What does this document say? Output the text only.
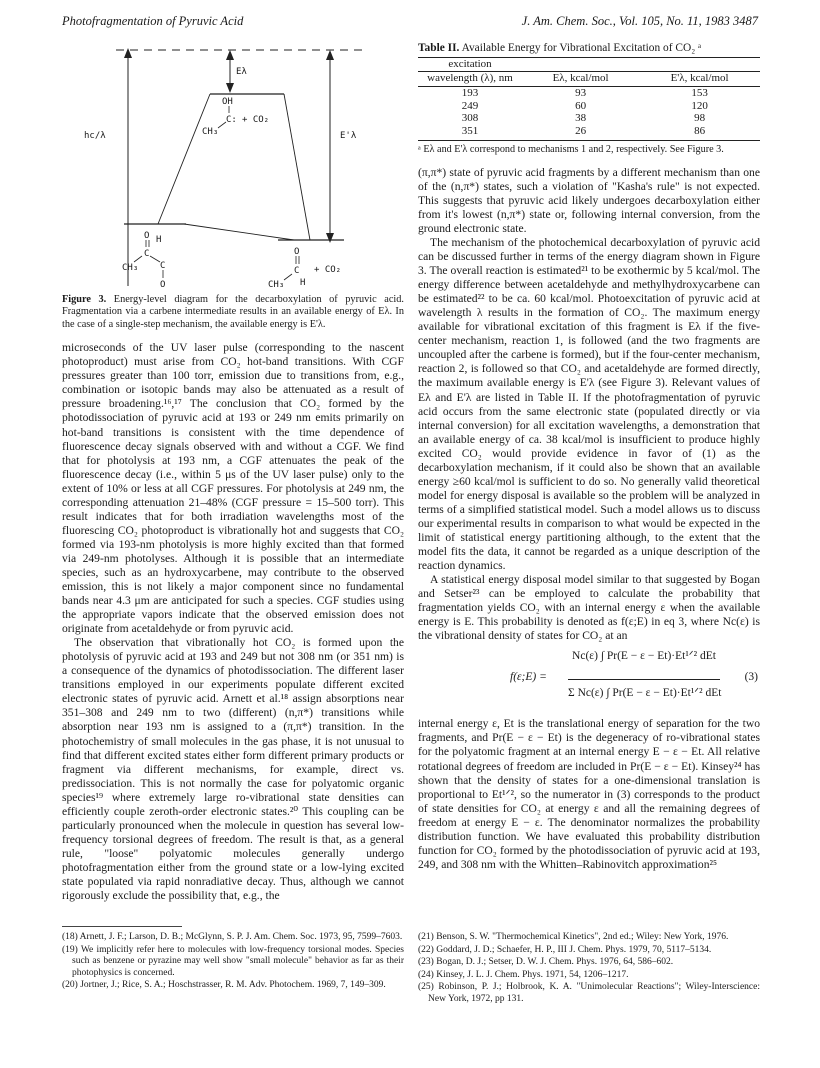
Photofragmentation of Pyruvic Acid	J. Am. Chem. Soc., Vol. 105, No. 11, 1983 3487
hc/λ
Eλ
E'λ
OH
C: + CO₂
CH₃
O H
C
C
CH₃
O
O
C + CO₂
CH₃ H
Figure 3. Energy-level diagram for the decarboxylation of pyruvic acid. Fragmentation via a carbene intermediate results in an available energy of Eλ. In the case of a single-step mechanism, the available energy is E'λ.

microseconds of the UV laser pulse (corresponding to the nascent photoproduct) must arise from CO₂ hot-band transitions. With CGF pressures greater than 100 torr, emission due to transitions from, e.g., combination or isotopic bands may also be attenuated as a result of pressure broadening.¹⁶,¹⁷ The conclusion that CO₂ formed by the photodissociation of pyruvic acid at 193 or 249 nm emits primarily on hot-band transitions is consistent with the time dependence of fluorescence decay signals observed with and without a CGF. We find that for photolysis at 193 nm, a CGF attenuates the peak of the fluorescence decay (i.e., within 5 μs of the UV laser pulse) only to the extent of 10% or less at all CGF pressures. For photolysis at 249 nm, the corresponding attenuation 21–48% (CGF pressure = 15–500 torr). This result indicates that for both irradiation wavelengths most of the fluorescing CO₂ photoproduct is vibrationally hot and suggests that CO₂ formed via 193-nm photolysis is more highly excited than that formed via 249-nm photolyses. Although it is possible that an intermediate species, such as an hydroxycarbene, may contribute to the observed emission, this is not likely a major component since no fundamental bands near 4.3 μm are anticipated for such a species. CGF studies using the appropriate vapors indicate that the observed emission does not originate from acetaldehyde or from pyruvic acid.

The observation that vibrationally hot CO₂ is formed upon the photolysis of pyruvic acid at 193 and 249 but not 308 nm (or 351 nm) is a consequence of the dynamics of photodissociation. The different laser transitions employed in our experiments populate different excited electronic states of pyruvic acid. Arnett et al.¹⁸ assign absorptions near 351–308 and 249 nm to two (different) (n,π*) transitions while absorption near 193 nm is assigned to a (π,π*) transition. In the photochemistry of small molecules in the gas phase, it is not unusual to find that different excited states either form different primary products or fragment via different mechanisms, for example, direct vs. predissociation. This is not normally the case for polyatomic organic species¹⁹ where extremely large ro-vibrational state densities can efficiently couple zeroth-order electronic states.²⁰ This coupling can be particularly pronounced when the molecule in question has several low-frequency torsional degrees of freedom. The result is that, as a general rule, "loose" polyatomic molecules generally undergo photofragmentation either from the ground state or a low-lying excited state populated via rapid nonradiative decay. Thus, although we cannot rigorously exclude the possibility that, e.g., the

Table II. Available Energy for Vibrational Excitation of CO₂ ᵃ
excitation		
wavelength (λ), nm	Eλ, kcal/mol	E'λ, kcal/mol
193	93	153
249	60	120
308	38	98
351	26	86
ᵃ Eλ and E'λ correspond to mechanisms 1 and 2, respectively. See Figure 3.

(π,π*) state of pyruvic acid fragments by a different mechanism than one of the (n,π*) states, such a violation of "Kasha's rule" is not expected. This suggests that pyruvic acid likely undergoes decarboxylation either from it's lowest (n,π*) state or, following internal conversion, from the ground electronic state.

The mechanism of the photochemical decarboxylation of pyruvic acid can be discussed further in terms of the energy diagram shown in Figure 3. The overall reaction is estimated²¹ to be exothermic by 5 kcal/mol. The energy difference between acetaldehyde and methylhydroxycarbene can be estimated²² to be ca. 60 kcal/mol. Photoexcitation of pyruvic acid at wavelength λ results in the formation of CO₂. The maximum energy available for vibrational excitation of this fragment is Eλ if the five-center mechanism, reaction 1, is followed (and the two fragments are uncoupled after the carbene is formed), but if the four-center mechanism, reaction 2, is followed so that CO₂ and acetaldehyde are formed directly, the maximum available energy is E'λ (see Figure 3). Relevant values of Eλ and E'λ are listed in Table II. If the photofragmentation of pyruvic acid occurs from the same electronic state (populated directly or via internal conversion) for all excitation wavelengths, a demonstration that an available energy of ca. 38 kcal/mol is insufficient to produce highly excited CO₂ would provide evidence in favor of (1) as the decarboxylation mechanism, if it could also be shown that an available energy ≥60 kcal/mol is sufficient to do so. No generally valid theoretical model for energy disposal is available so the problem will be analyzed in terms of a simplified statistical model. Such a model allows us to discuss our experimental results in comparison to what would be expected in the limit of statistical energy partitioning although, to the extent that the model fits the data, it cannot be regarded as a unique description of the reaction dynamics.

A statistical energy disposal model similar to that suggested by Bogan and Setser²³ can be employed to calculate the probability that fragmentation yields CO₂ with an internal energy ε when the available energy is E. This probability is denoted as f(ε;E) in eq 3, where Nc(ε) is the vibrational density of states for CO₂ at an

f(ε;E) =
Nc(ε) ∫ Pr(E − ε − Et)·Et¹ᐟ² dEt
Σ Nc(ε) ∫ Pr(E − ε − Et)·Et¹ᐟ² dEt
(3)

internal energy ε, Et is the translational energy of separation for the two fragments, and Pr(E − ε − Et) is the degeneracy of ro-vibrational states for the polyatomic fragment at an internal energy E − ε − Et. All relative rotational degrees of freedom are included in Pr(E − ε − Et). Kinsey²⁴ has shown that the density of states for a one-dimensional translation is proportional to Et¹ᐟ², so the numerator in (3) corresponds to the product of state densities for CO₂ at energy ε and all the remaining degrees of freedom at energy E − ε. The denominator normalizes the probability distribution function. We have evaluated this probability distribution function for CO₂ formed by the photodissociation of pyruvic acid at 193, 249, and 308 nm with the Whitten–Rabinovitch approximation²⁵

(18) Arnett, J. F.; Larson, D. B.; McGlynn, S. P. J. Am. Chem. Soc. 1973, 95, 7599–7603.
(19) We implicitly refer here to molecules with low-frequency torsional modes. Species such as benzene or pyrazine may well show "small molecule" behavior as far as their photophysics is concerned.
(20) Jortner, J.; Rice, S. A.; Hoschstrasser, R. M. Adv. Photochem. 1969, 7, 149–309.
(21) Benson, S. W. "Thermochemical Kinetics", 2nd ed.; Wiley: New York, 1976.
(22) Goddard, J. D.; Schaefer, H. P., III J. Chem. Phys. 1979, 70, 5117–5134.
(23) Bogan, D. J.; Setser, D. W. J. Chem. Phys. 1976, 64, 586–602.
(24) Kinsey, J. L. J. Chem. Phys. 1971, 54, 1206–1217.
(25) Robinson, P. J.; Holbrook, K. A. "Unimolecular Reactions"; Wiley-Interscience: New York, 1972, pp 131.
